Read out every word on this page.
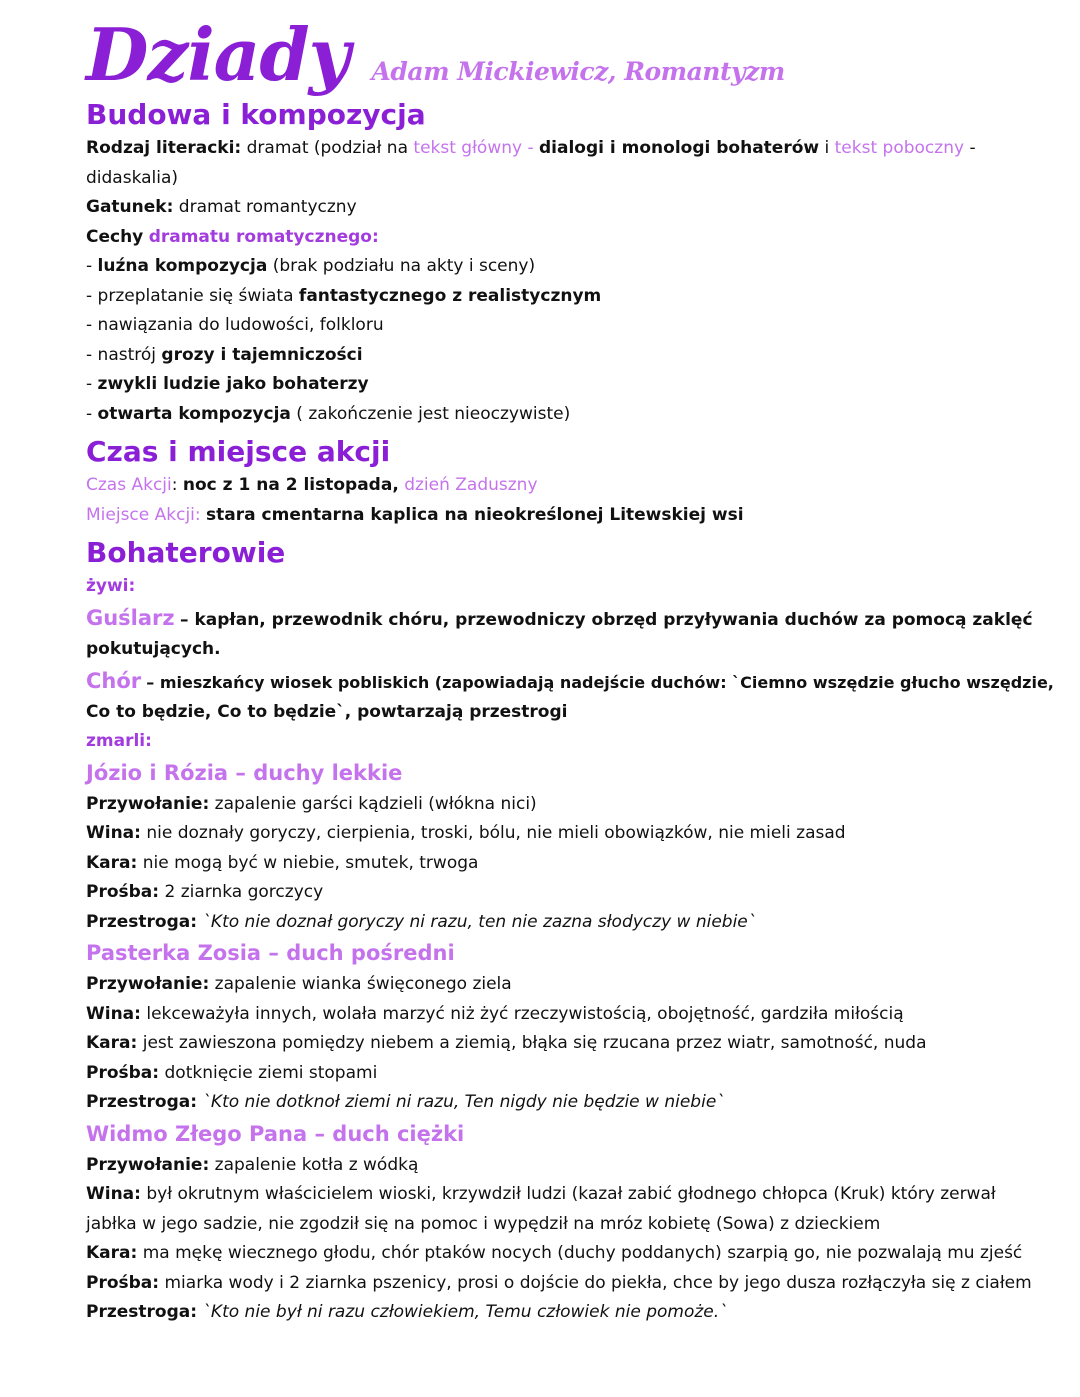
Dziady Adam Mickiewicz, Romantyzm
Budowa i kompozycja
Rodzaj literacki: dramat (podział na tekst główny - dialogi i monologi bohaterów i tekst poboczny -
didaskalia)
Gatunek: dramat romantyczny
Cechy dramatu romatycznego:
- luźna kompozycja (brak podziału na akty i sceny)
- przeplatanie się świata fantastycznego z realistycznym
- nawiązania do ludowości, folkloru
- nastrój grozy i tajemniczości
- zwykli ludzie jako bohaterzy
- otwarta kompozycja ( zakończenie jest nieoczywiste)
Czas i miejsce akcji
Czas Akcji: noc z 1 na 2 listopada, dzień Zaduszny
Miejsce Akcji: stara cmentarna kaplica na nieokreślonej Litewskiej wsi
Bohaterowie
żywi:
Guślarz – kapłan, przewodnik chóru, przewodniczy obrzęd przyływania duchów za pomocą zaklęć
pokutujących.
Chór – mieszkańcy wiosek pobliskich (zapowiadają nadejście duchów: `Ciemno wszędzie głucho wszędzie,
Co to będzie, Co to będzie`, powtarzają przestrogi
zmarli:
Józio i Rózia – duchy lekkie
Przywołanie: zapalenie garści kądzieli (włókna nici)
Wina: nie doznały goryczy, cierpienia, troski, bólu, nie mieli obowiązków, nie mieli zasad
Kara: nie mogą być w niebie, smutek, trwoga
Prośba: 2 ziarnka gorczycy
Przestroga: `Kto nie doznał goryczy ni razu, ten nie zazna słodyczy w niebie`
Pasterka Zosia – duch pośredni
Przywołanie: zapalenie wianka święconego ziela
Wina: lekceważyła innych, wolała marzyć niż żyć rzeczywistością, obojętność, gardziła miłością
Kara: jest zawieszona pomiędzy niebem a ziemią, błąka się rzucana przez wiatr, samotność, nuda
Prośba: dotknięcie ziemi stopami
Przestroga: `Kto nie dotknoł ziemi ni razu, Ten nigdy nie będzie w niebie`
Widmo Złego Pana – duch ciężki
Przywołanie: zapalenie kotła z wódką
Wina: był okrutnym właścicielem wioski, krzywdził ludzi (kazał zabić głodnego chłopca (Kruk) który zerwał
jabłka w jego sadzie, nie zgodził się na pomoc i wypędził na mróz kobietę (Sowa) z dzieckiem
Kara: ma mękę wiecznego głodu, chór ptaków nocych (duchy poddanych) szarpią go, nie pozwalają mu zjeść
Prośba: miarka wody i 2 ziarnka pszenicy, prosi o dojście do piekła, chce by jego dusza rozłączyła się z ciałem
Przestroga: `Kto nie był ni razu człowiekiem, Temu człowiek nie pomoże.`
